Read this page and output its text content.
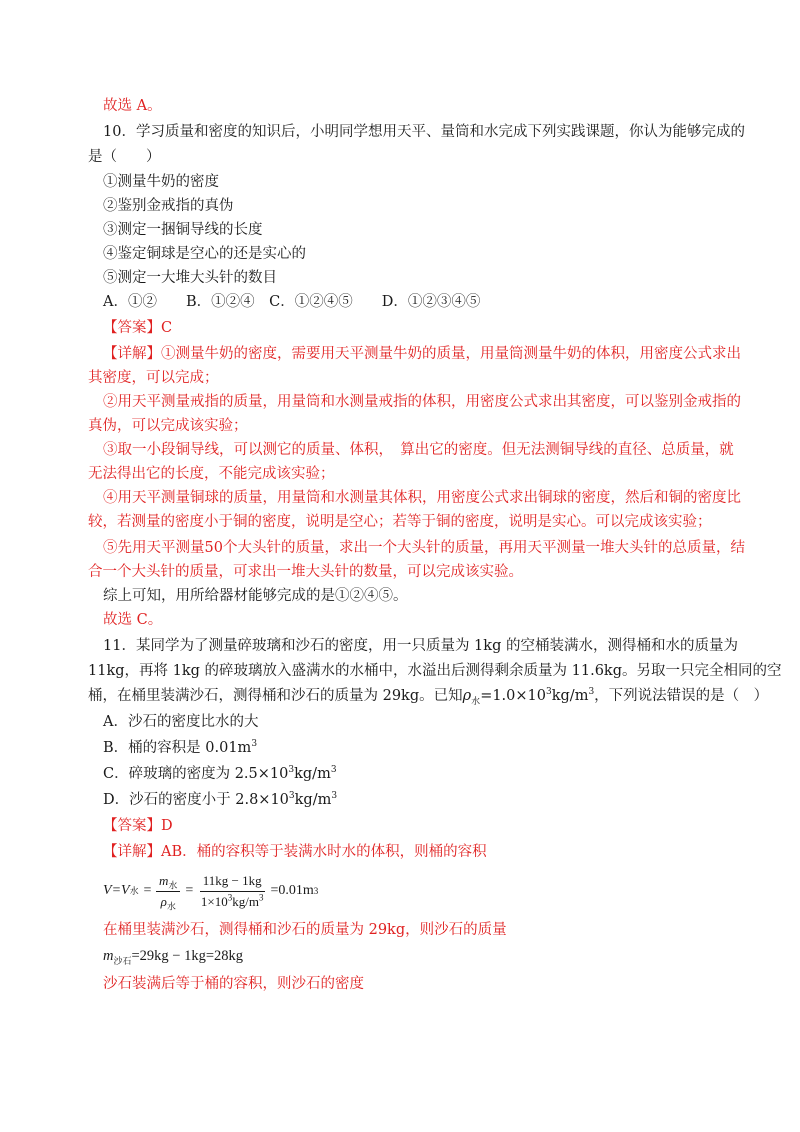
故选 A。
10．学习质量和密度的知识后，小明同学想用天平、量筒和水完成下列实践课题，你认为能够完成的
是（　　）
①测量牛奶的密度
②鉴别金戒指的真伪
③测定一捆铜导线的长度
④鉴定铜球是空心的还是实心的
⑤测定一大堆大头针的数目
A．①②　　B．①②④　C．①②④⑤　　D．①②③④⑤
【答案】C
【详解】①测量牛奶的密度，需要用天平测量牛奶的质量，用量筒测量牛奶的体积，用密度公式求出
其密度，可以完成；
②用天平测量戒指的质量，用量筒和水测量戒指的体积，用密度公式求出其密度，可以鉴别金戒指的
真伪，可以完成该实验；
③取一小段铜导线，可以测它的质量、体积，　算出它的密度。但无法测铜导线的直径、总质量，就
无法得出它的长度，不能完成该实验；
④用天平测量铜球的质量，用量筒和水测量其体积，用密度公式求出铜球的密度，然后和铜的密度比
较，若测量的密度小于铜的密度，说明是空心；若等于铜的密度，说明是实心。可以完成该实验；
⑤先用天平测量50个大头针的质量，求出一个大头针的质量，再用天平测量一堆大头针的总质量，结
合一个大头针的质量，可求出一堆大头针的数量，可以完成该实验。
综上可知，用所给器材能够完成的是①②④⑤。
故选 C。
11．某同学为了测量碎玻璃和沙石的密度，用一只质量为 1kg 的空桶装满水，测得桶和水的质量为
11kg，再将 1kg 的碎玻璃放入盛满水的水桶中，水溢出后测得剩余质量为 11.6kg。另取一只完全相同的空
桶，在桶里装满沙石，测得桶和沙石的质量为 29kg。已知$\rho_水=1.0\times 10^3kg/m^3$，下列说法错误的是（　）
A．沙石的密度比水的大
B．桶的容积是 $0.01m^3$
C．碎玻璃的密度为 $2.5\times 10^3kg/m^3$
D．沙石的密度小于 $2.8\times 10^3kg/m^3$
【答案】D
【详解】AB．桶的容积等于装满水时水的体积，则桶的容积
V =V 水 = $\frac{m_水}{\rho_水} = \frac{11kg - 1kg}{1\times 10^3kg/m^3} =0.01m$ 3
在桶里装满沙石，测得桶和沙石的质量为 29kg，则沙石的质量
$m_{沙石}=29kg - 1kg=28kg$
沙石装满后等于桶的容积，则沙石的密度
